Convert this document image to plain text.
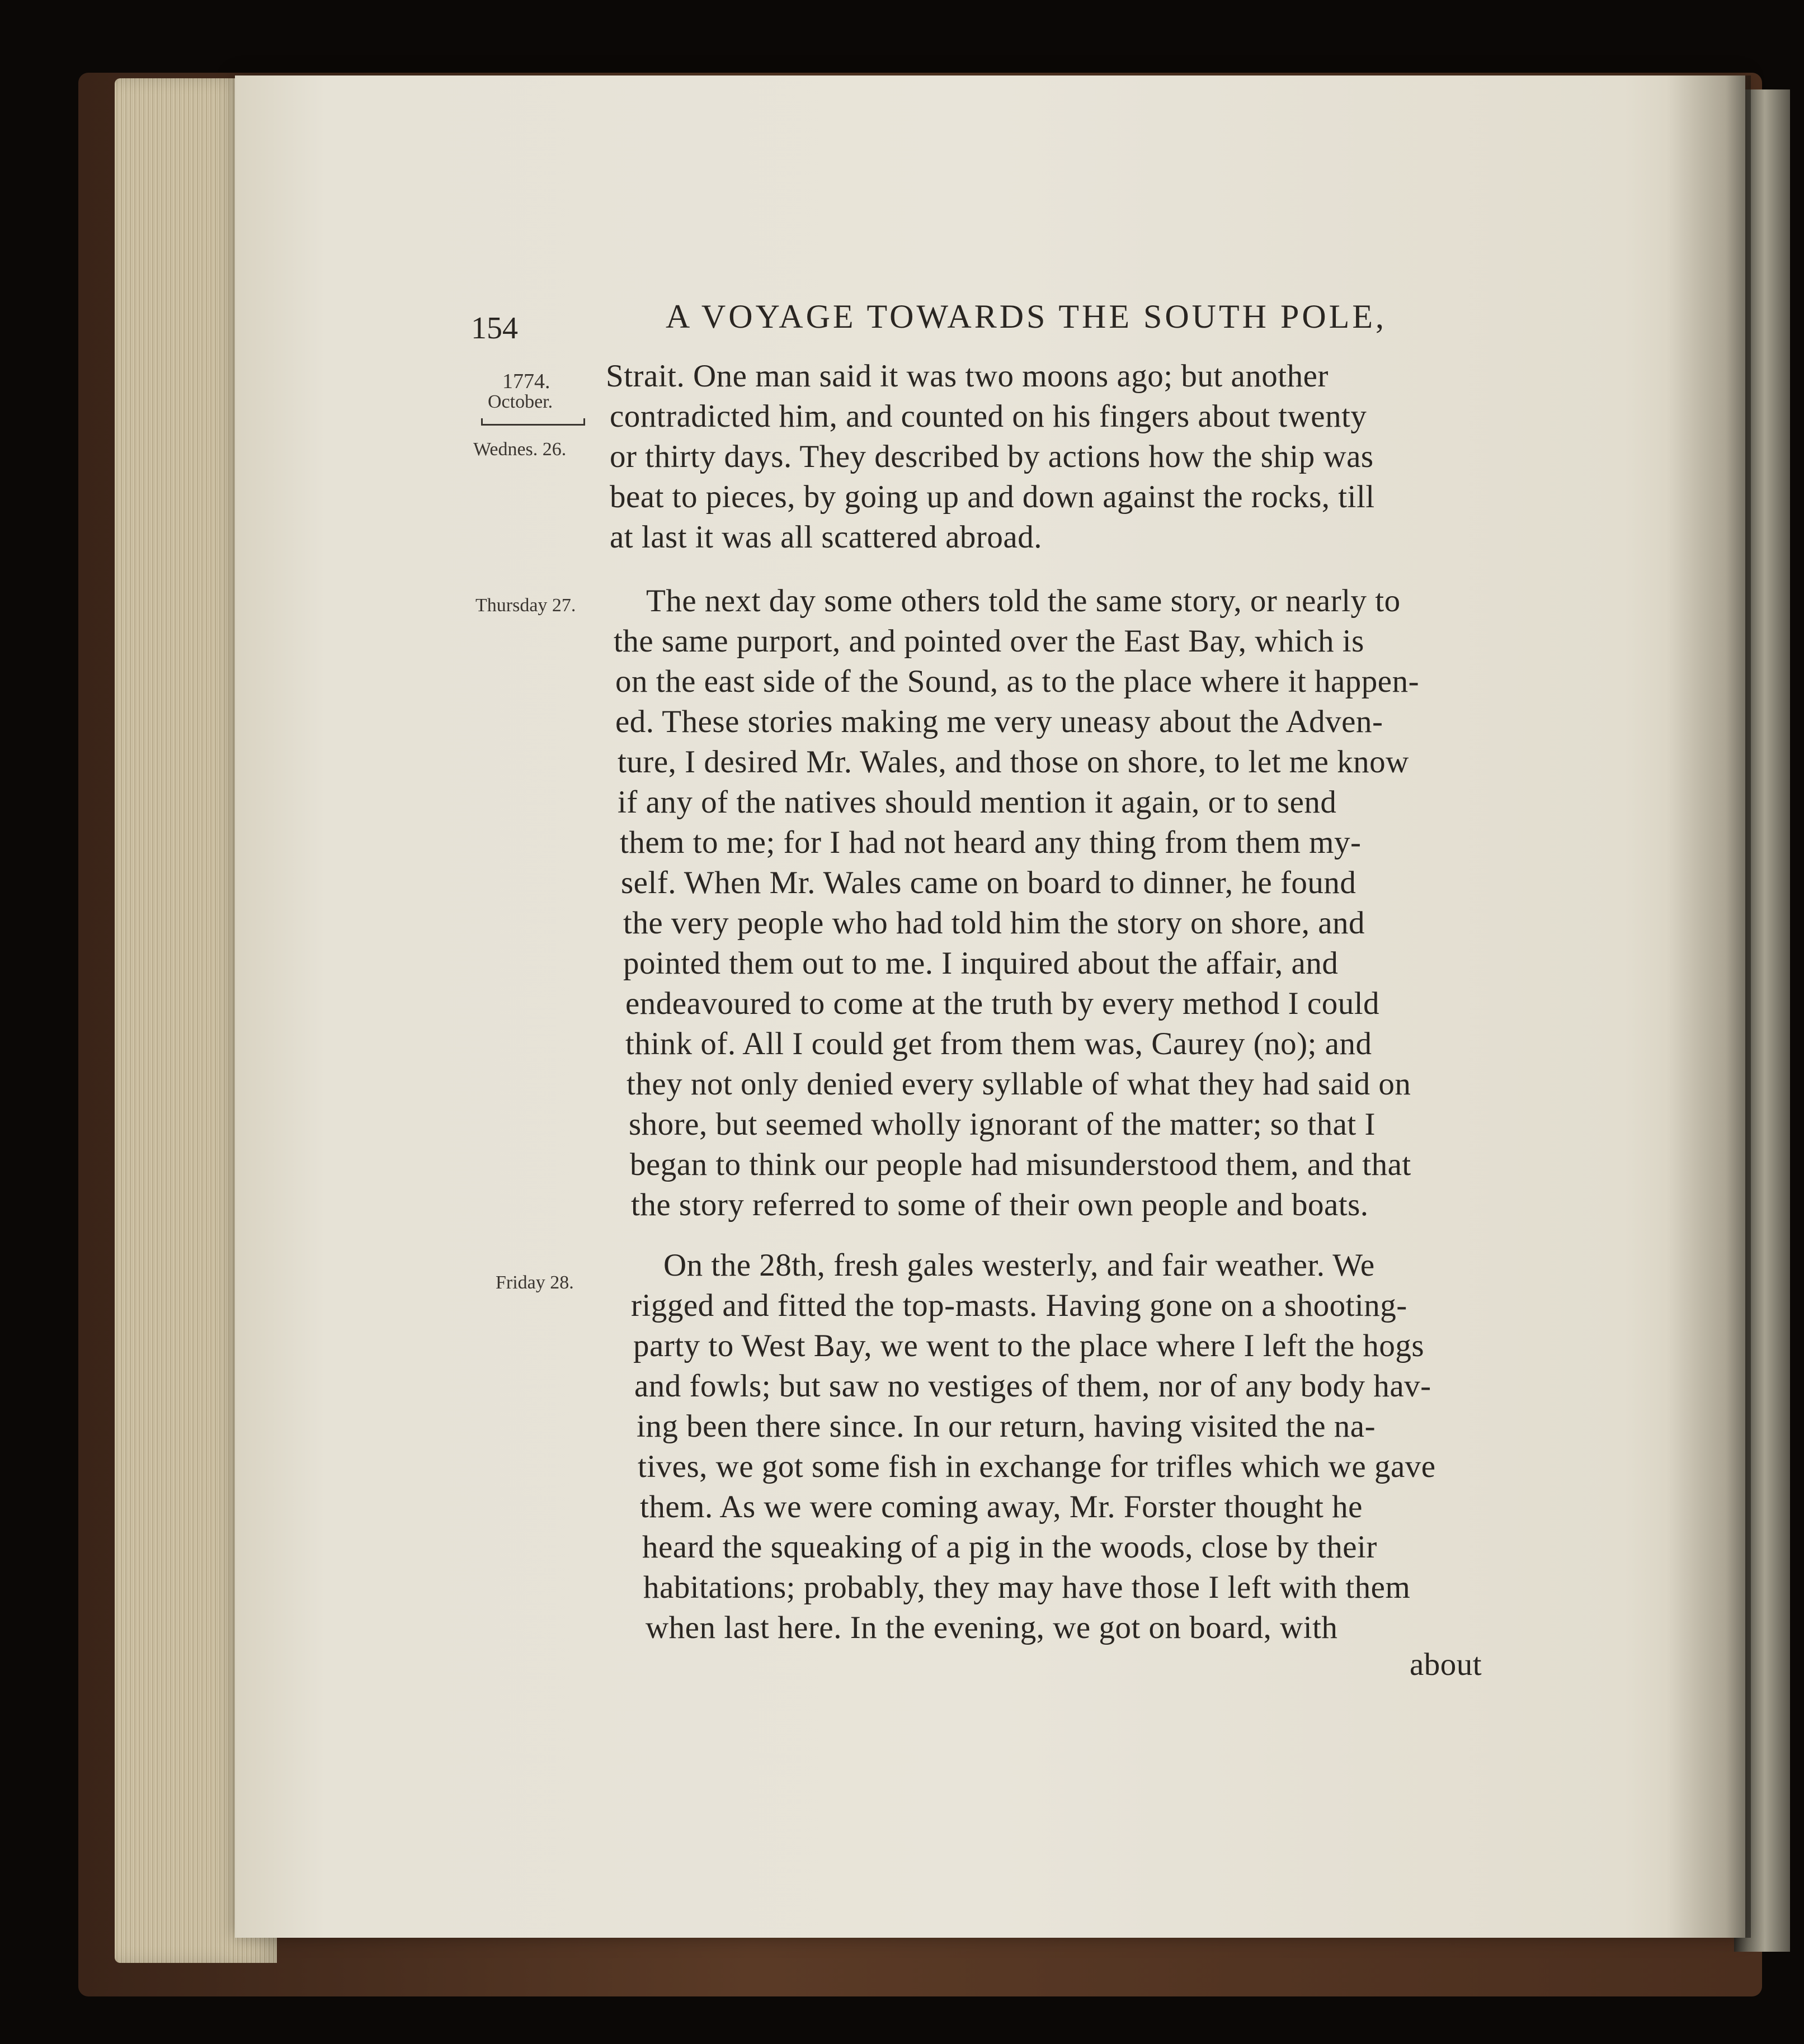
154	A VOYAGE TOWARDS THE SOUTH POLE,
1774.
October.
Wednes. 26.
Thursday 27.
Friday 28.
Strait. One man said it was two moons ago; but another
contradicted him, and counted on his fingers about twenty
or thirty days. They described by actions how the ship was
beat to pieces, by going up and down against the rocks, till
at last it was all scattered abroad.
The next day some others told the same story, or nearly to
the same purport, and pointed over the East Bay, which is
on the east side of the Sound, as to the place where it happen-
ed. These stories making me very uneasy about the Adven-
ture, I desired Mr. Wales, and those on shore, to let me know
if any of the natives should mention it again, or to send
them to me; for I had not heard any thing from them my-
self. When Mr. Wales came on board to dinner, he found
the very people who had told him the story on shore, and
pointed them out to me. I inquired about the affair, and
endeavoured to come at the truth by every method I could
think of. All I could get from them was, Caurey (no); and
they not only denied every syllable of what they had said on
shore, but seemed wholly ignorant of the matter; so that I
began to think our people had misunderstood them, and that
the story referred to some of their own people and boats.
On the 28th, fresh gales westerly, and fair weather. We
rigged and fitted the top-masts. Having gone on a shooting-
party to West Bay, we went to the place where I left the hogs
and fowls; but saw no vestiges of them, nor of any body hav-
ing been there since. In our return, having visited the na-
tives, we got some fish in exchange for trifles which we gave
them. As we were coming away, Mr. Forster thought he
heard the squeaking of a pig in the woods, close by their
habitations; probably, they may have those I left with them
when last here. In the evening, we got on board, with
about
